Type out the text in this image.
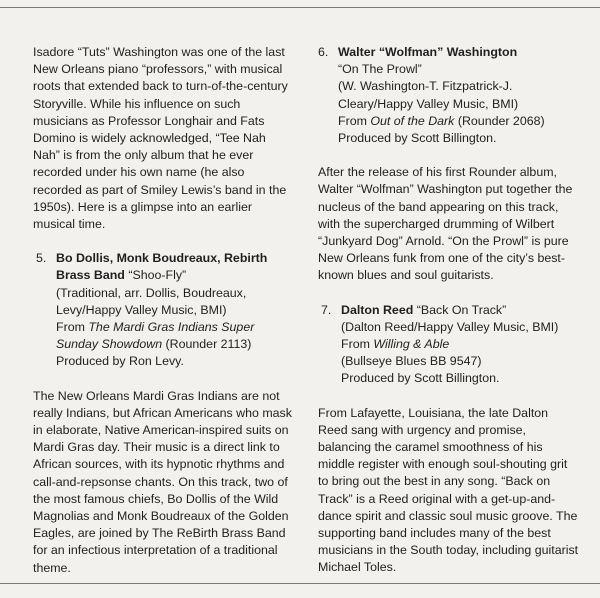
Isadore “Tuts” Washington was one of the last New Orleans piano “professors,” with musical roots that extended back to turn-of-the-century Storyville. While his influence on such musicians as Professor Longhair and Fats Domino is widely acknowledged, “Tee Nah Nah” is from the only album that he ever recorded under his own name (he also recorded as part of Smiley Lewis’s band in the 1950s). Here is a glimpse into an earlier musical time.

5. Bo Dollis, Monk Boudreaux, Rebirth Brass Band “Shoo-Fly”

(Traditional, arr. Dollis, Boudreaux, Levy/Happy Valley Music, BMI)

From The Mardi Gras Indians Super Sunday Showdown (Rounder 2113)

Produced by Ron Levy.

The New Orleans Mardi Gras Indians are not really Indians, but African Americans who mask in elaborate, Native American-inspired suits on Mardi Gras day. Their music is a direct link to African sources, with its hypnotic rhythms and call-and-repsonse chants. On this track, two of the most famous chiefs, Bo Dollis of the Wild Magnolias and Monk Boudreaux of the Golden Eagles, are joined by The ReBirth Brass Band for an infectious interpretation of a traditional theme.

6. Walter “Wolfman” Washington

“On The Prowl”

(W. Washington-T. Fitzpatrick-J. Cleary/Happy Valley Music, BMI)

From Out of the Dark (Rounder 2068)

Produced by Scott Billington.

After the release of his first Rounder album, Walter “Wolfman” Washington put together the nucleus of the band appearing on this track, with the supercharged drumming of Wilbert “Junkyard Dog” Arnold. “On the Prowl” is pure New Orleans funk from one of the city’s best-known blues and soul guitarists.

7. Dalton Reed “Back On Track”

(Dalton Reed/Happy Valley Music, BMI)

From Willing & Able

(Bullseye Blues BB 9547)

Produced by Scott Billington.

From Lafayette, Louisiana, the late Dalton Reed sang with urgency and promise, balancing the caramel smoothness of his middle register with enough soul-shouting grit to bring out the best in any song. “Back on Track” is a Reed original with a get-up-and-dance spirit and classic soul music groove. The supporting band includes many of the best musicians in the South today, including guitarist Michael Toles.
